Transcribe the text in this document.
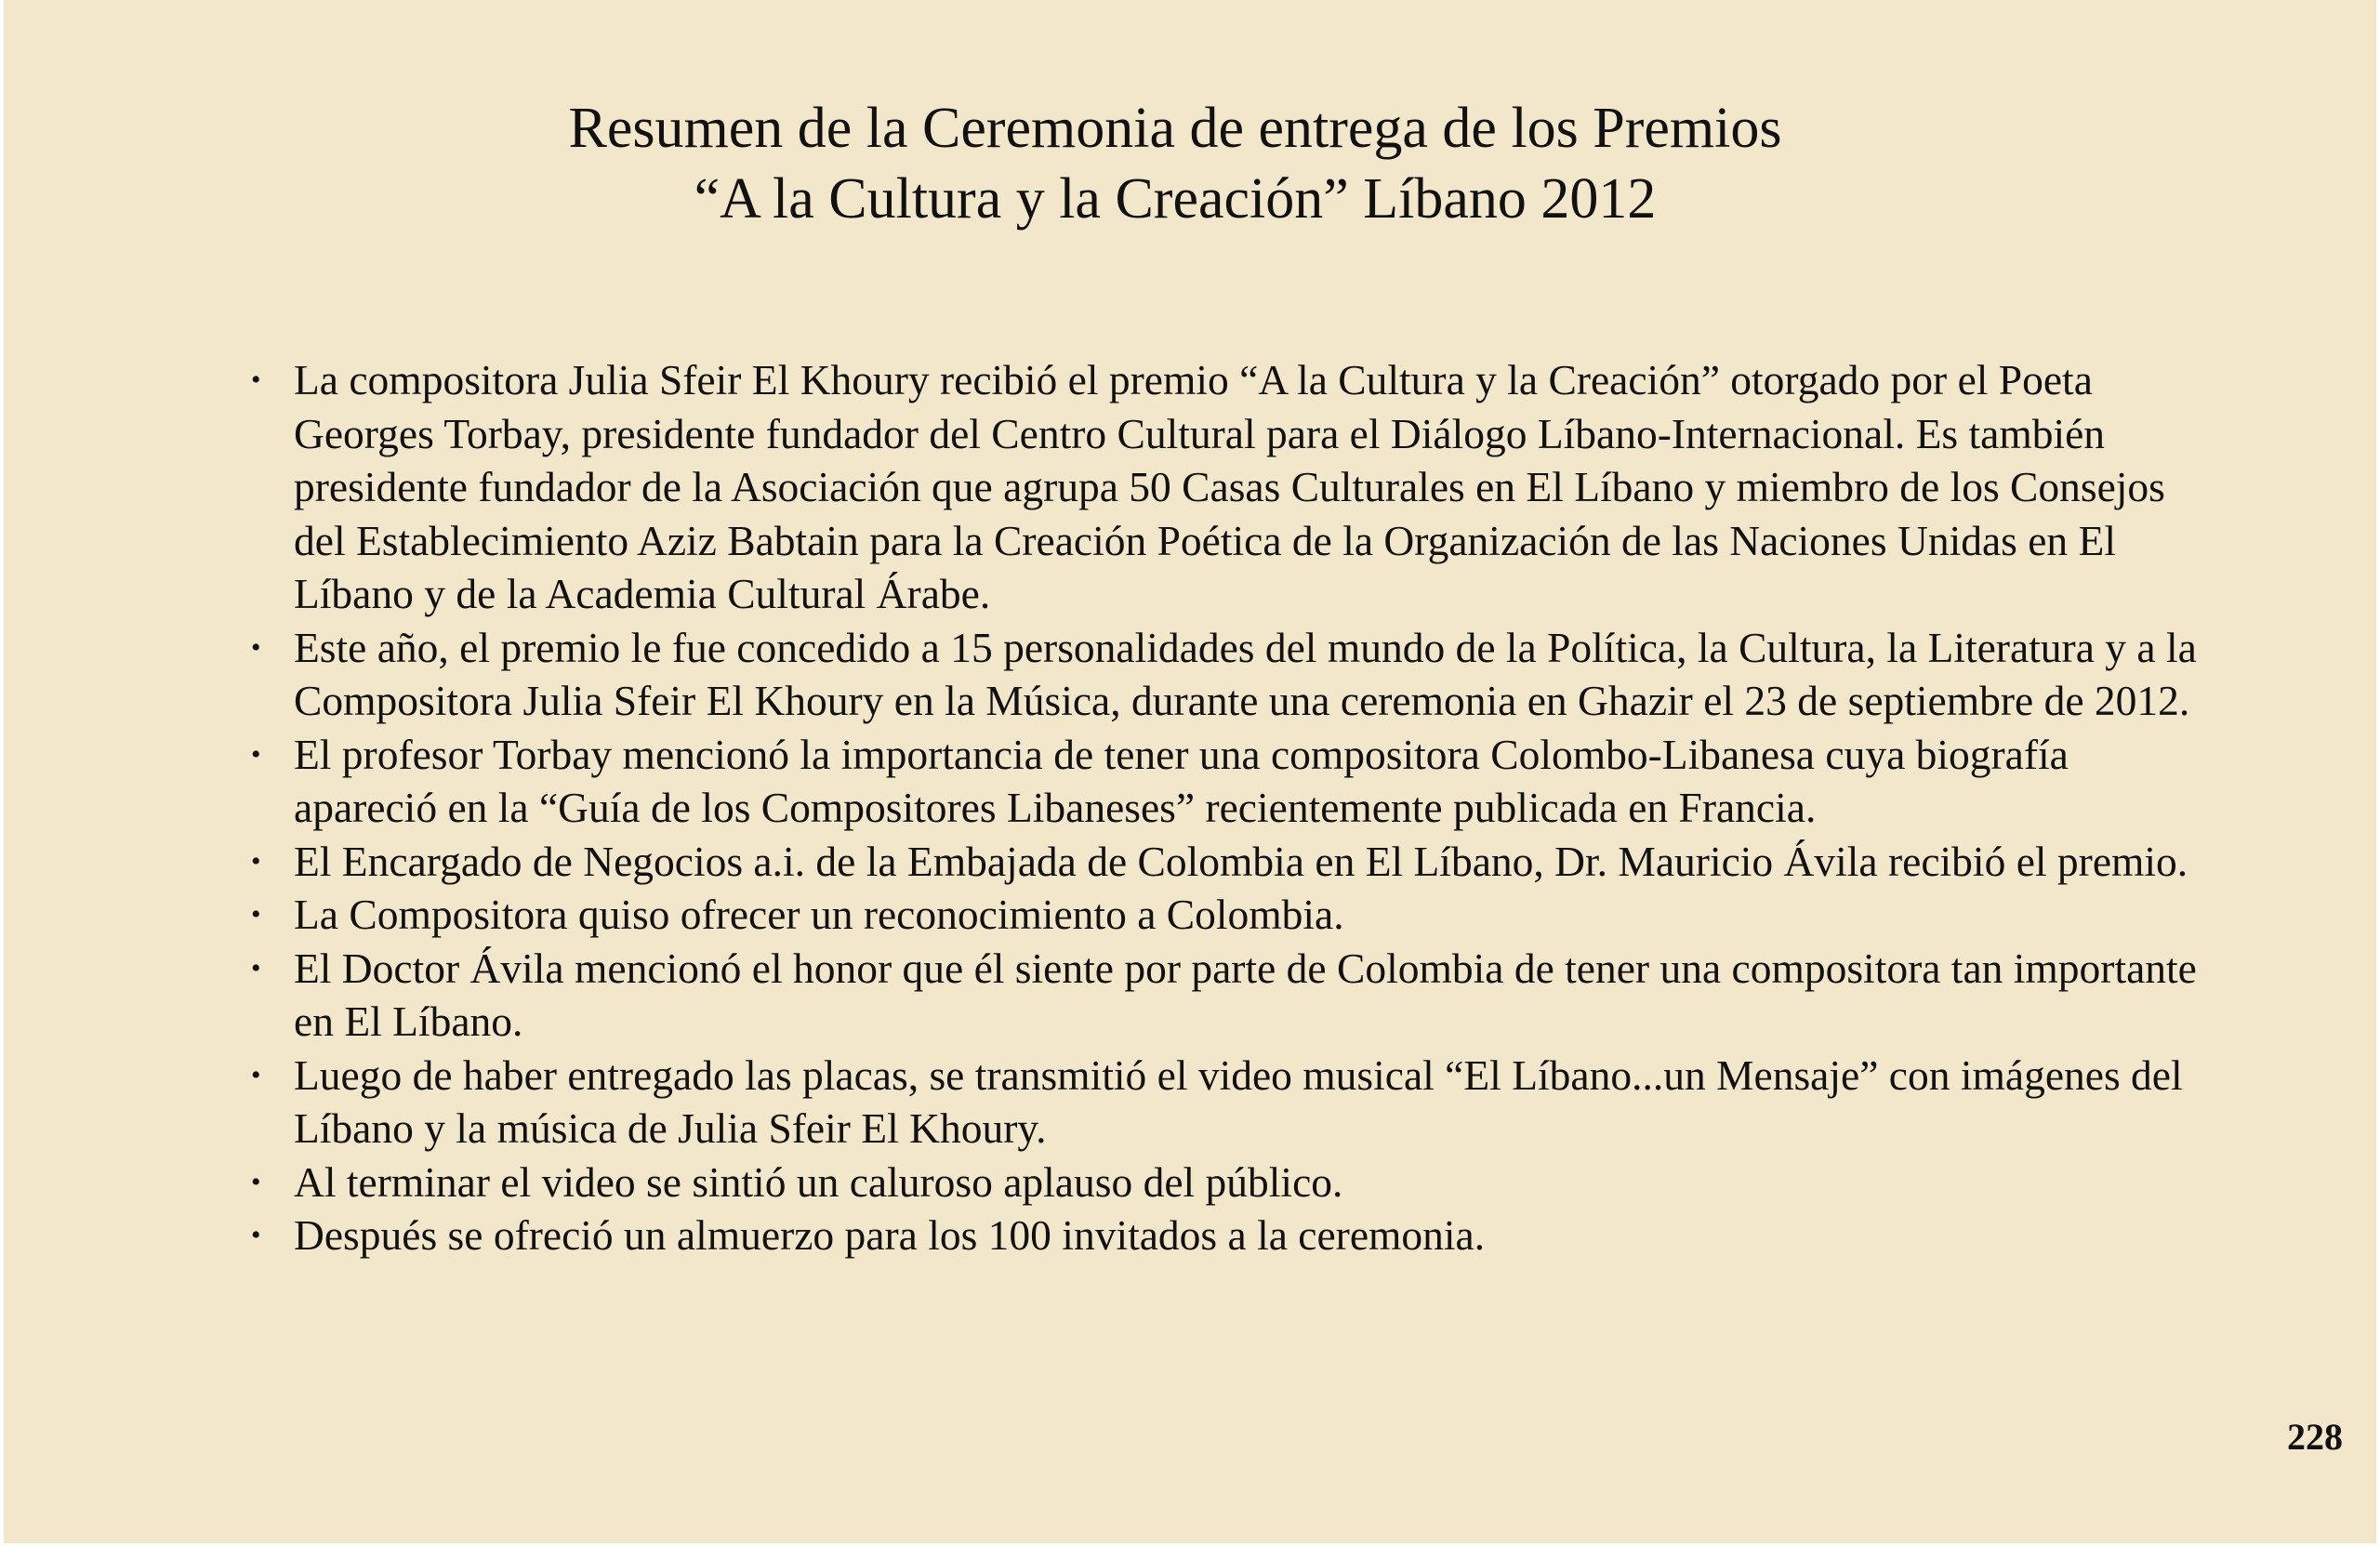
Resumen de la Ceremonia de entrega de los Premios
“A la Cultura y la Creación” Líbano 2012
• La compositora Julia Sfeir El Khoury recibió el premio “A la Cultura y la Creación” otorgado por el Poeta Georges Torbay, presidente fundador del Centro Cultural para el Diálogo Líbano-Internacional. Es también presidente fundador de la Asociación que agrupa 50 Casas Culturales en El Líbano y miembro de los Consejos del Establecimiento Aziz Babtain para la Creación Poética de la Organización de las Naciones Unidas en El Líbano y de la Academia Cultural Árabe.
• Este año, el premio le fue concedido a 15 personalidades del mundo de la Política, la Cultura, la Literatura y a la Compositora Julia Sfeir El Khoury en la Música, durante una ceremonia en Ghazir el 23 de septiembre de 2012.
• El profesor Torbay mencionó la importancia de tener una compositora Colombo-Libanesa cuya biografía apareció en la “Guía de los Compositores Libaneses” recientemente publicada en Francia.
• El Encargado de Negocios a.i. de la Embajada de Colombia en El Líbano, Dr. Mauricio Ávila recibió el premio.
• La Compositora quiso ofrecer un reconocimiento a Colombia.
• El Doctor Ávila mencionó el honor que él siente por parte de Colombia de tener una compositora tan importante en El Líbano.
• Luego de haber entregado las placas, se transmitió el video musical “El Líbano...un Mensaje” con imágenes del Líbano y la música de Julia Sfeir El Khoury.
• Al terminar el video se sintió un caluroso aplauso del público.
• Después se ofreció un almuerzo para los 100 invitados a la ceremonia.
228
